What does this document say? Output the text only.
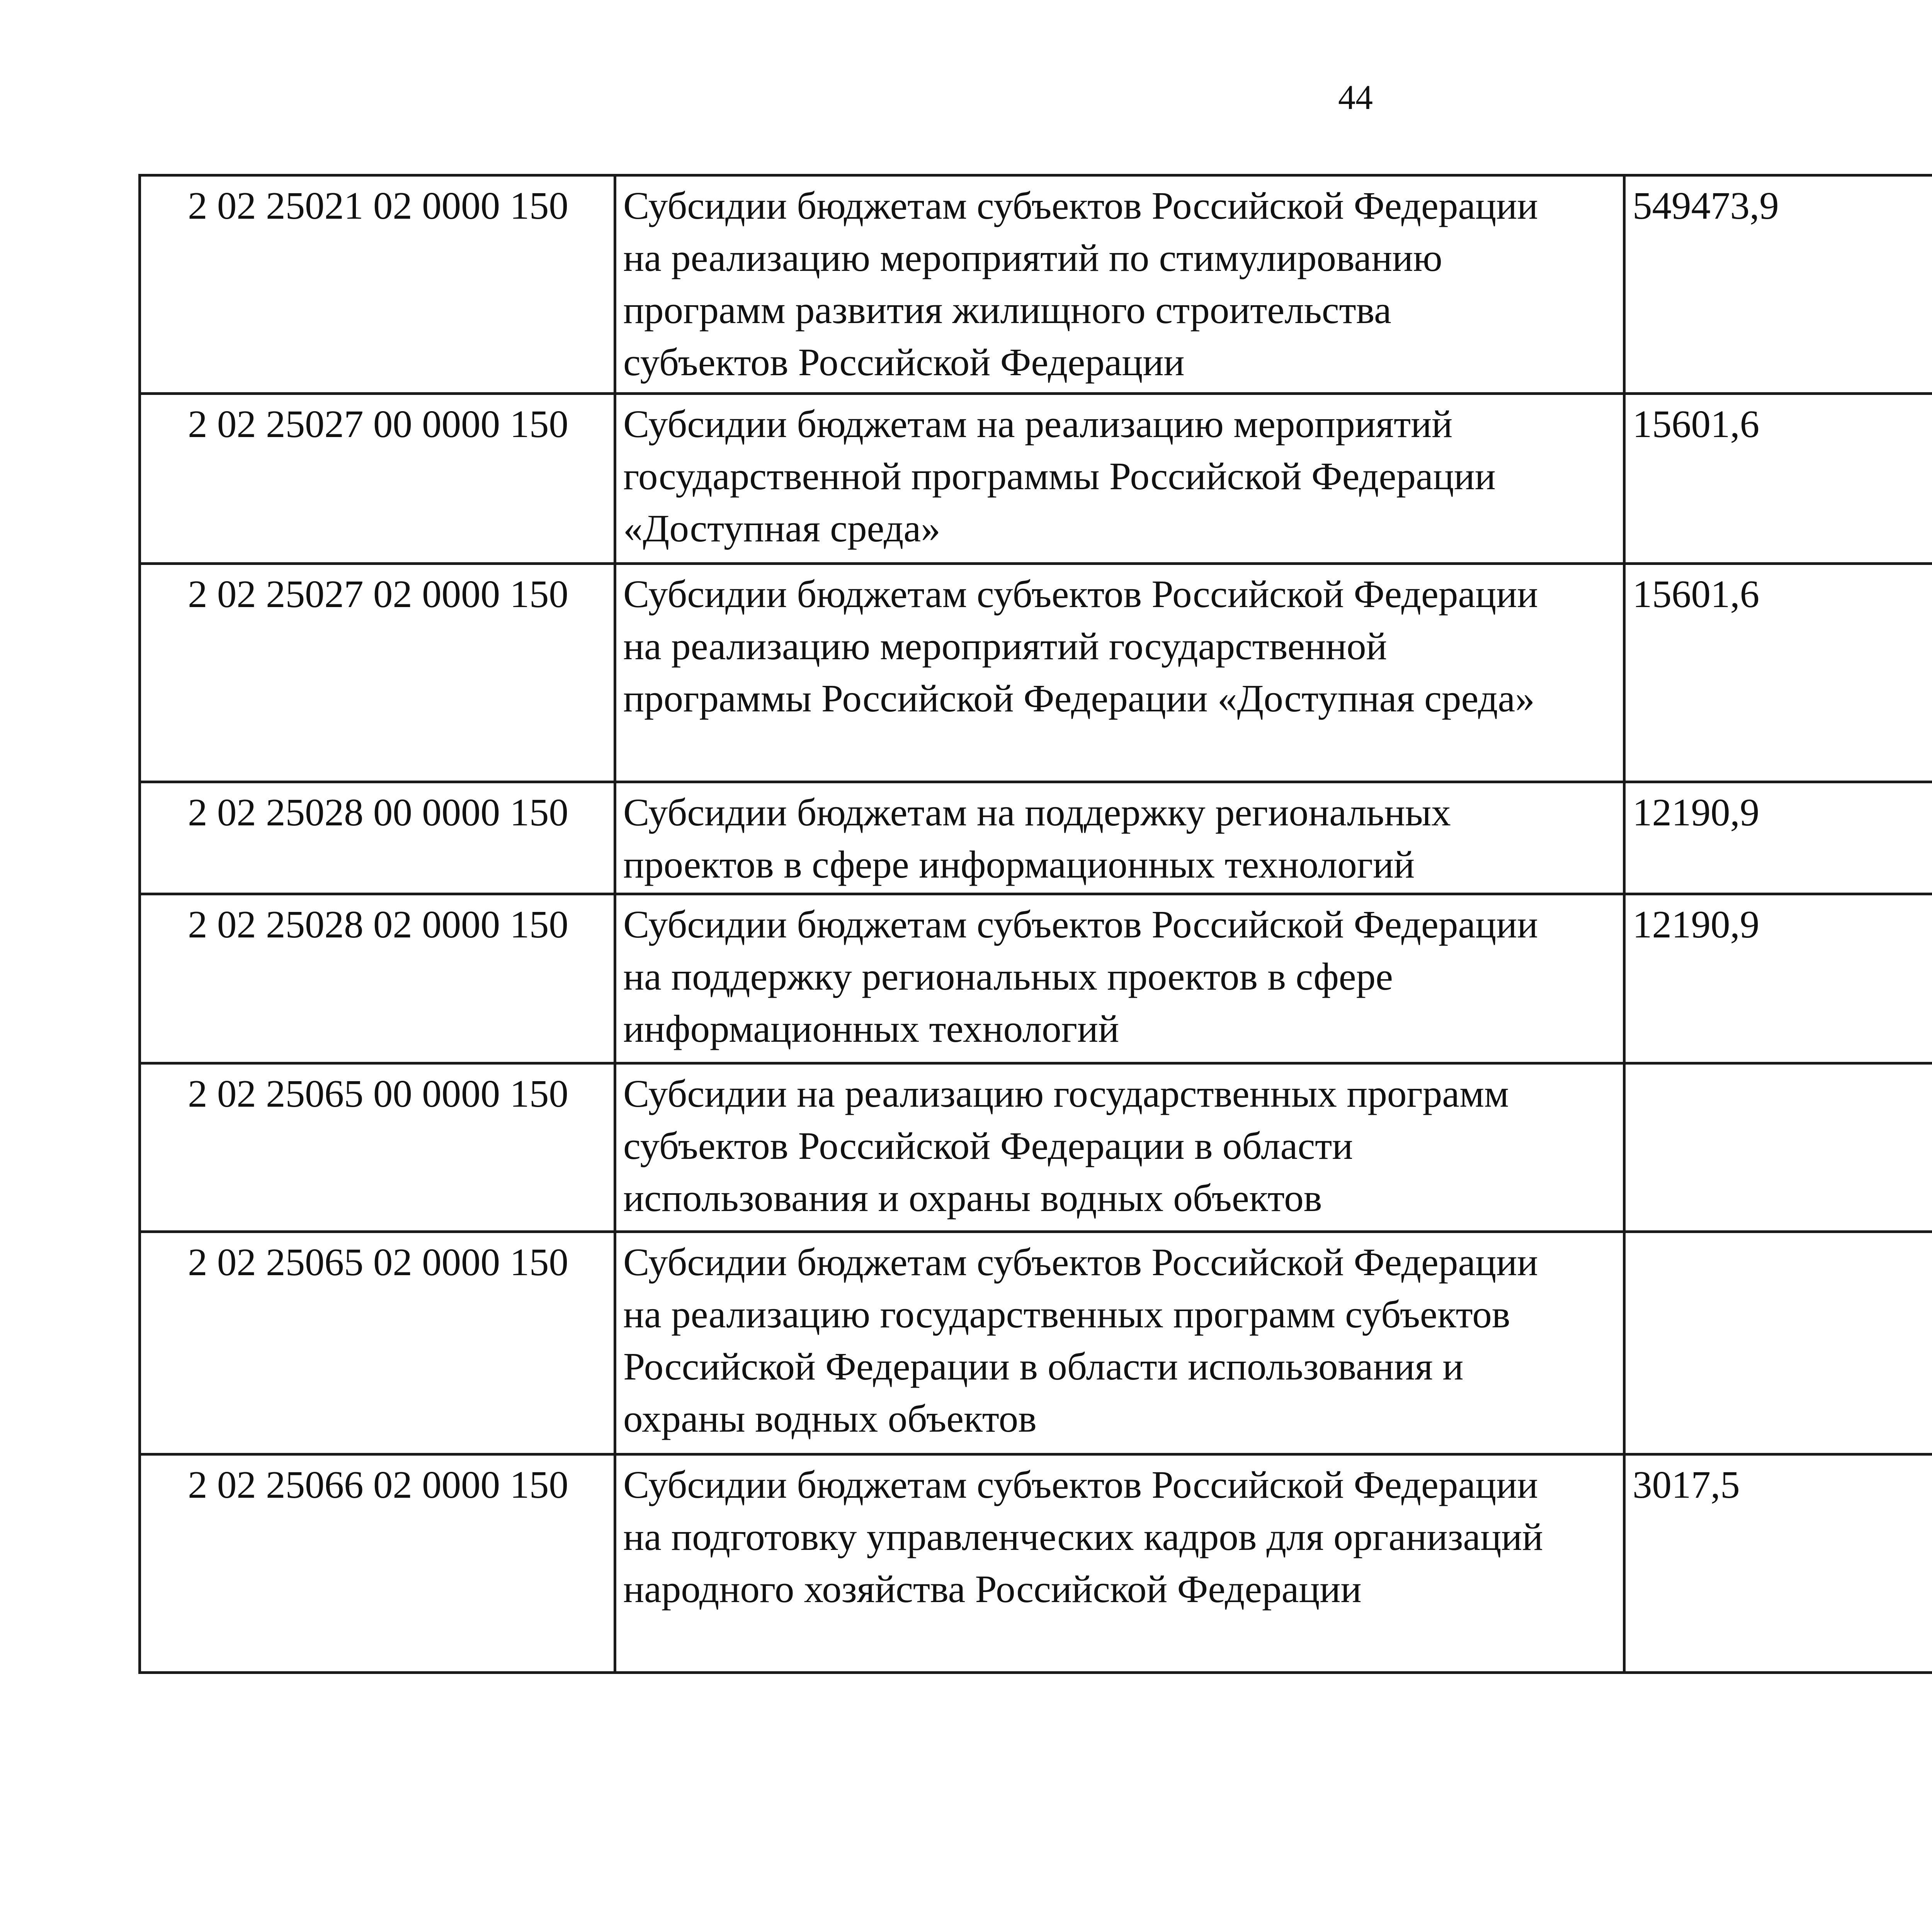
44
2 02 25021 02 0000 150	Субсидии бюджетам субъектов Российской Федерации
на реализацию мероприятий по стимулированию
программ развития жилищного строительства
субъектов Российской Федерации	549473,9		
2 02 25027 00 0000 150	Субсидии бюджетам на реализацию мероприятий
государственной программы Российской Федерации
«Доступная среда»	15601,6		
2 02 25027 02 0000 150	Субсидии бюджетам субъектов Российской Федерации
на реализацию мероприятий государственной
программы Российской Федерации «Доступная среда»	15601,6		
2 02 25028 00 0000 150	Субсидии бюджетам на поддержку региональных
проектов в сфере информационных технологий	12190,9		
2 02 25028 02 0000 150	Субсидии бюджетам субъектов Российской Федерации
на поддержку региональных проектов в сфере
информационных технологий	12190,9		
2 02 25065 00 0000 150	Субсидии на реализацию государственных программ
субъектов Российской Федерации в области
использования и охраны водных объектов

2 02 25065 02 0000 150	Субсидии бюджетам субъектов Российской Федерации
на реализацию государственных программ субъектов
Российской Федерации в области использования и
охраны водных объектов

2 02 25066 02 0000 150	Субсидии бюджетам субъектов Российской Федерации
на подготовку управленческих кадров для организаций
народного хозяйства Российской Федерации	3017,5		
